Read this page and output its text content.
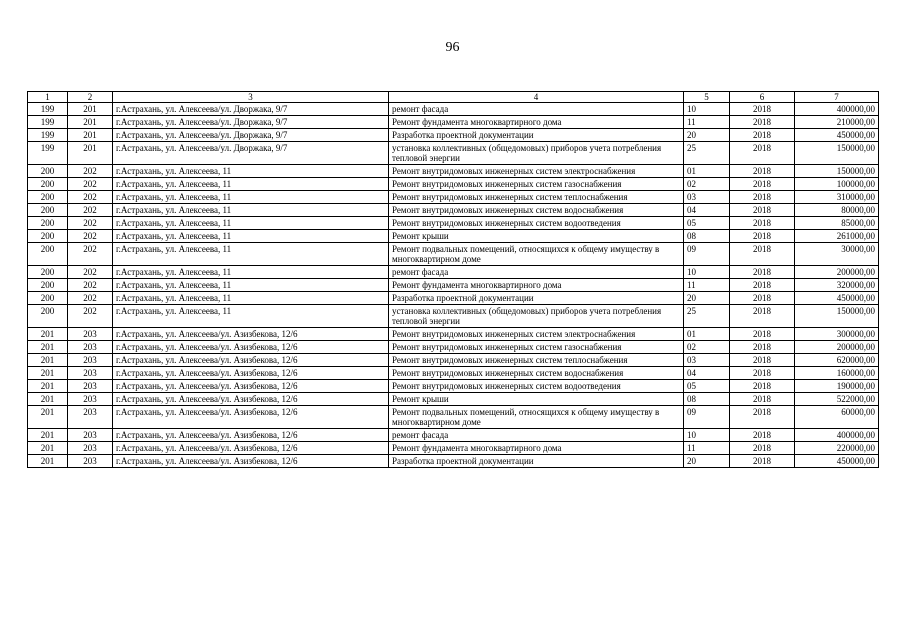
96
1	2	3	4	5	6	7
199	201	г.Астрахань, ул. Алексеева/ул. Дворжака, 9/7	ремонт фасада	10	2018	400000,00
199	201	г.Астрахань, ул. Алексеева/ул. Дворжака, 9/7	Ремонт фундамента многоквартирного дома	11	2018	210000,00
199	201	г.Астрахань, ул. Алексеева/ул. Дворжака, 9/7	Разработка проектной документации	20	2018	450000,00
199	201	г.Астрахань, ул. Алексеева/ул. Дворжака, 9/7	установка коллективных (общедомовых) приборов учета потребления тепловой энергии	25	2018	150000,00
200	202	г.Астрахань, ул. Алексеева, 11	Ремонт внутридомовых инженерных систем электроснабжения	01	2018	150000,00
200	202	г.Астрахань, ул. Алексеева, 11	Ремонт внутридомовых инженерных систем газоснабжения	02	2018	100000,00
200	202	г.Астрахань, ул. Алексеева, 11	Ремонт внутридомовых инженерных систем теплоснабжения	03	2018	310000,00
200	202	г.Астрахань, ул. Алексеева, 11	Ремонт внутридомовых инженерных систем водоснабжения	04	2018	80000,00
200	202	г.Астрахань, ул. Алексеева, 11	Ремонт внутридомовых инженерных систем водоотведения	05	2018	85000,00
200	202	г.Астрахань, ул. Алексеева, 11	Ремонт крыши	08	2018	261000,00
200	202	г.Астрахань, ул. Алексеева, 11	Ремонт подвальных помещений, относящихся к общему имуществу в многоквартирном доме	09	2018	30000,00
200	202	г.Астрахань, ул. Алексеева, 11	ремонт фасада	10	2018	200000,00
200	202	г.Астрахань, ул. Алексеева, 11	Ремонт фундамента многоквартирного дома	11	2018	320000,00
200	202	г.Астрахань, ул. Алексеева, 11	Разработка проектной документации	20	2018	450000,00
200	202	г.Астрахань, ул. Алексеева, 11	установка коллективных (общедомовых) приборов учета потребления тепловой энергии	25	2018	150000,00
201	203	г.Астрахань, ул. Алексеева/ул. Азизбекова, 12/6	Ремонт внутридомовых инженерных систем электроснабжения	01	2018	300000,00
201	203	г.Астрахань, ул. Алексеева/ул. Азизбекова, 12/6	Ремонт внутридомовых инженерных систем газоснабжения	02	2018	200000,00
201	203	г.Астрахань, ул. Алексеева/ул. Азизбекова, 12/6	Ремонт внутридомовых инженерных систем теплоснабжения	03	2018	620000,00
201	203	г.Астрахань, ул. Алексеева/ул. Азизбекова, 12/6	Ремонт внутридомовых инженерных систем водоснабжения	04	2018	160000,00
201	203	г.Астрахань, ул. Алексеева/ул. Азизбекова, 12/6	Ремонт внутридомовых инженерных систем водоотведения	05	2018	190000,00
201	203	г.Астрахань, ул. Алексеева/ул. Азизбекова, 12/6	Ремонт крыши	08	2018	522000,00
201	203	г.Астрахань, ул. Алексеева/ул. Азизбекова, 12/6	Ремонт подвальных помещений, относящихся к общему имуществу в многоквартирном доме	09	2018	60000,00
201	203	г.Астрахань, ул. Алексеева/ул. Азизбекова, 12/6	ремонт фасада	10	2018	400000,00
201	203	г.Астрахань, ул. Алексеева/ул. Азизбекова, 12/6	Ремонт фундамента многоквартирного дома	11	2018	220000,00
201	203	г.Астрахань, ул. Алексеева/ул. Азизбекова, 12/6	Разработка проектной документации	20	2018	450000,00
